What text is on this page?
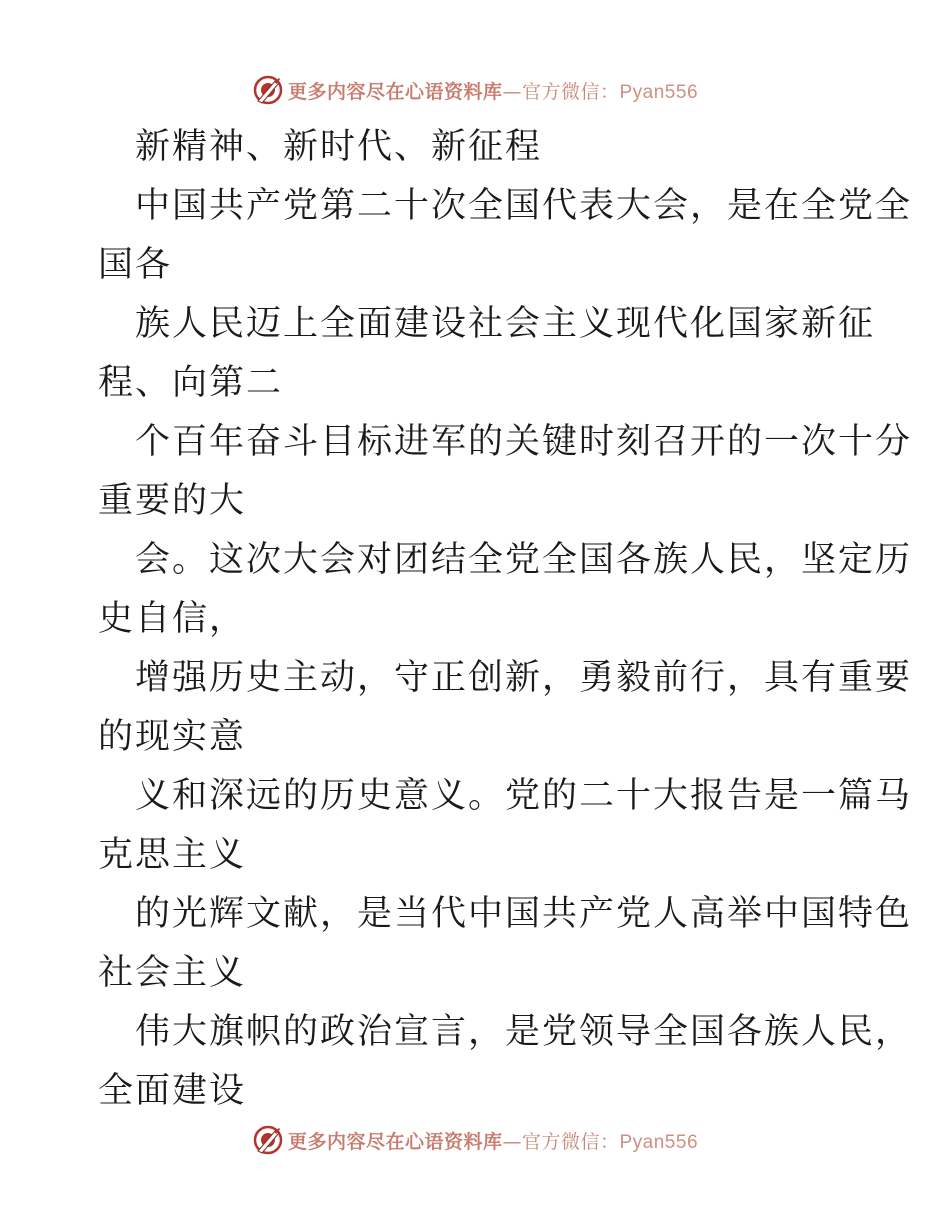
更多内容尽在心语资料库—官方微信：Pyan556
新精神、新时代、新征程
中国共产党第二十次全国代表大会，是在全党全
国各
族人民迈上全面建设社会主义现代化国家新征
程、向第二
个百年奋斗目标进军的关键时刻召开的一次十分
重要的大
会。这次大会对团结全党全国各族人民，坚定历
史自信，
增强历史主动，守正创新，勇毅前行，具有重要
的现实意
义和深远的历史意义。党的二十大报告是一篇马
克思主义
的光辉文献，是当代中国共产党人高举中国特色
社会主义
伟大旗帜的政治宣言，是党领导全国各族人民，
全面建设
更多内容尽在心语资料库—官方微信：Pyan556
